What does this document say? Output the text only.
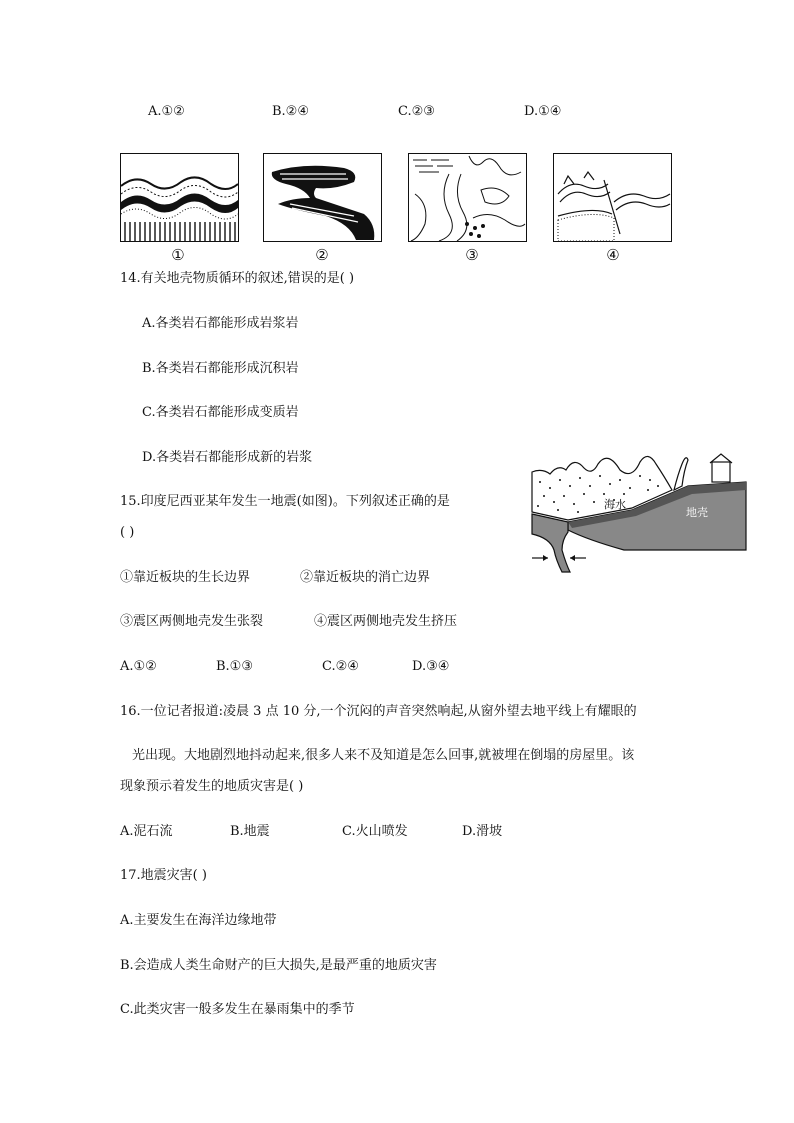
A.①②	B.②④	C.②③	D.①④
①	②	③	④
14.有关地壳物质循环的叙述,错误的是( )
A.各类岩石都能形成岩浆岩
B.各类岩石都能形成沉积岩
C.各类岩石都能形成变质岩
D.各类岩石都能形成新的岩浆
15.印度尼西亚某年发生一地震(如图)。下列叙述正确的是
( )
①靠近板块的生长边界	②靠近板块的消亡边界
③震区两侧地壳发生张裂	④震区两侧地壳发生挤压
A.①②	B.①③	C.②④	D.③④
海水
地壳
16.一位记者报道:凌晨 3 点 10 分,一个沉闷的声音突然响起,从窗外望去地平线上有耀眼的
光出现。大地剧烈地抖动起来,很多人来不及知道是怎么回事,就被埋在倒塌的房屋里。该
现象预示着发生的地质灾害是( )
A.泥石流	B.地震	C.火山喷发	D.滑坡
17.地震灾害( )
A.主要发生在海洋边缘地带
B.会造成人类生命财产的巨大损失,是最严重的地质灾害
C.此类灾害一般多发生在暴雨集中的季节
